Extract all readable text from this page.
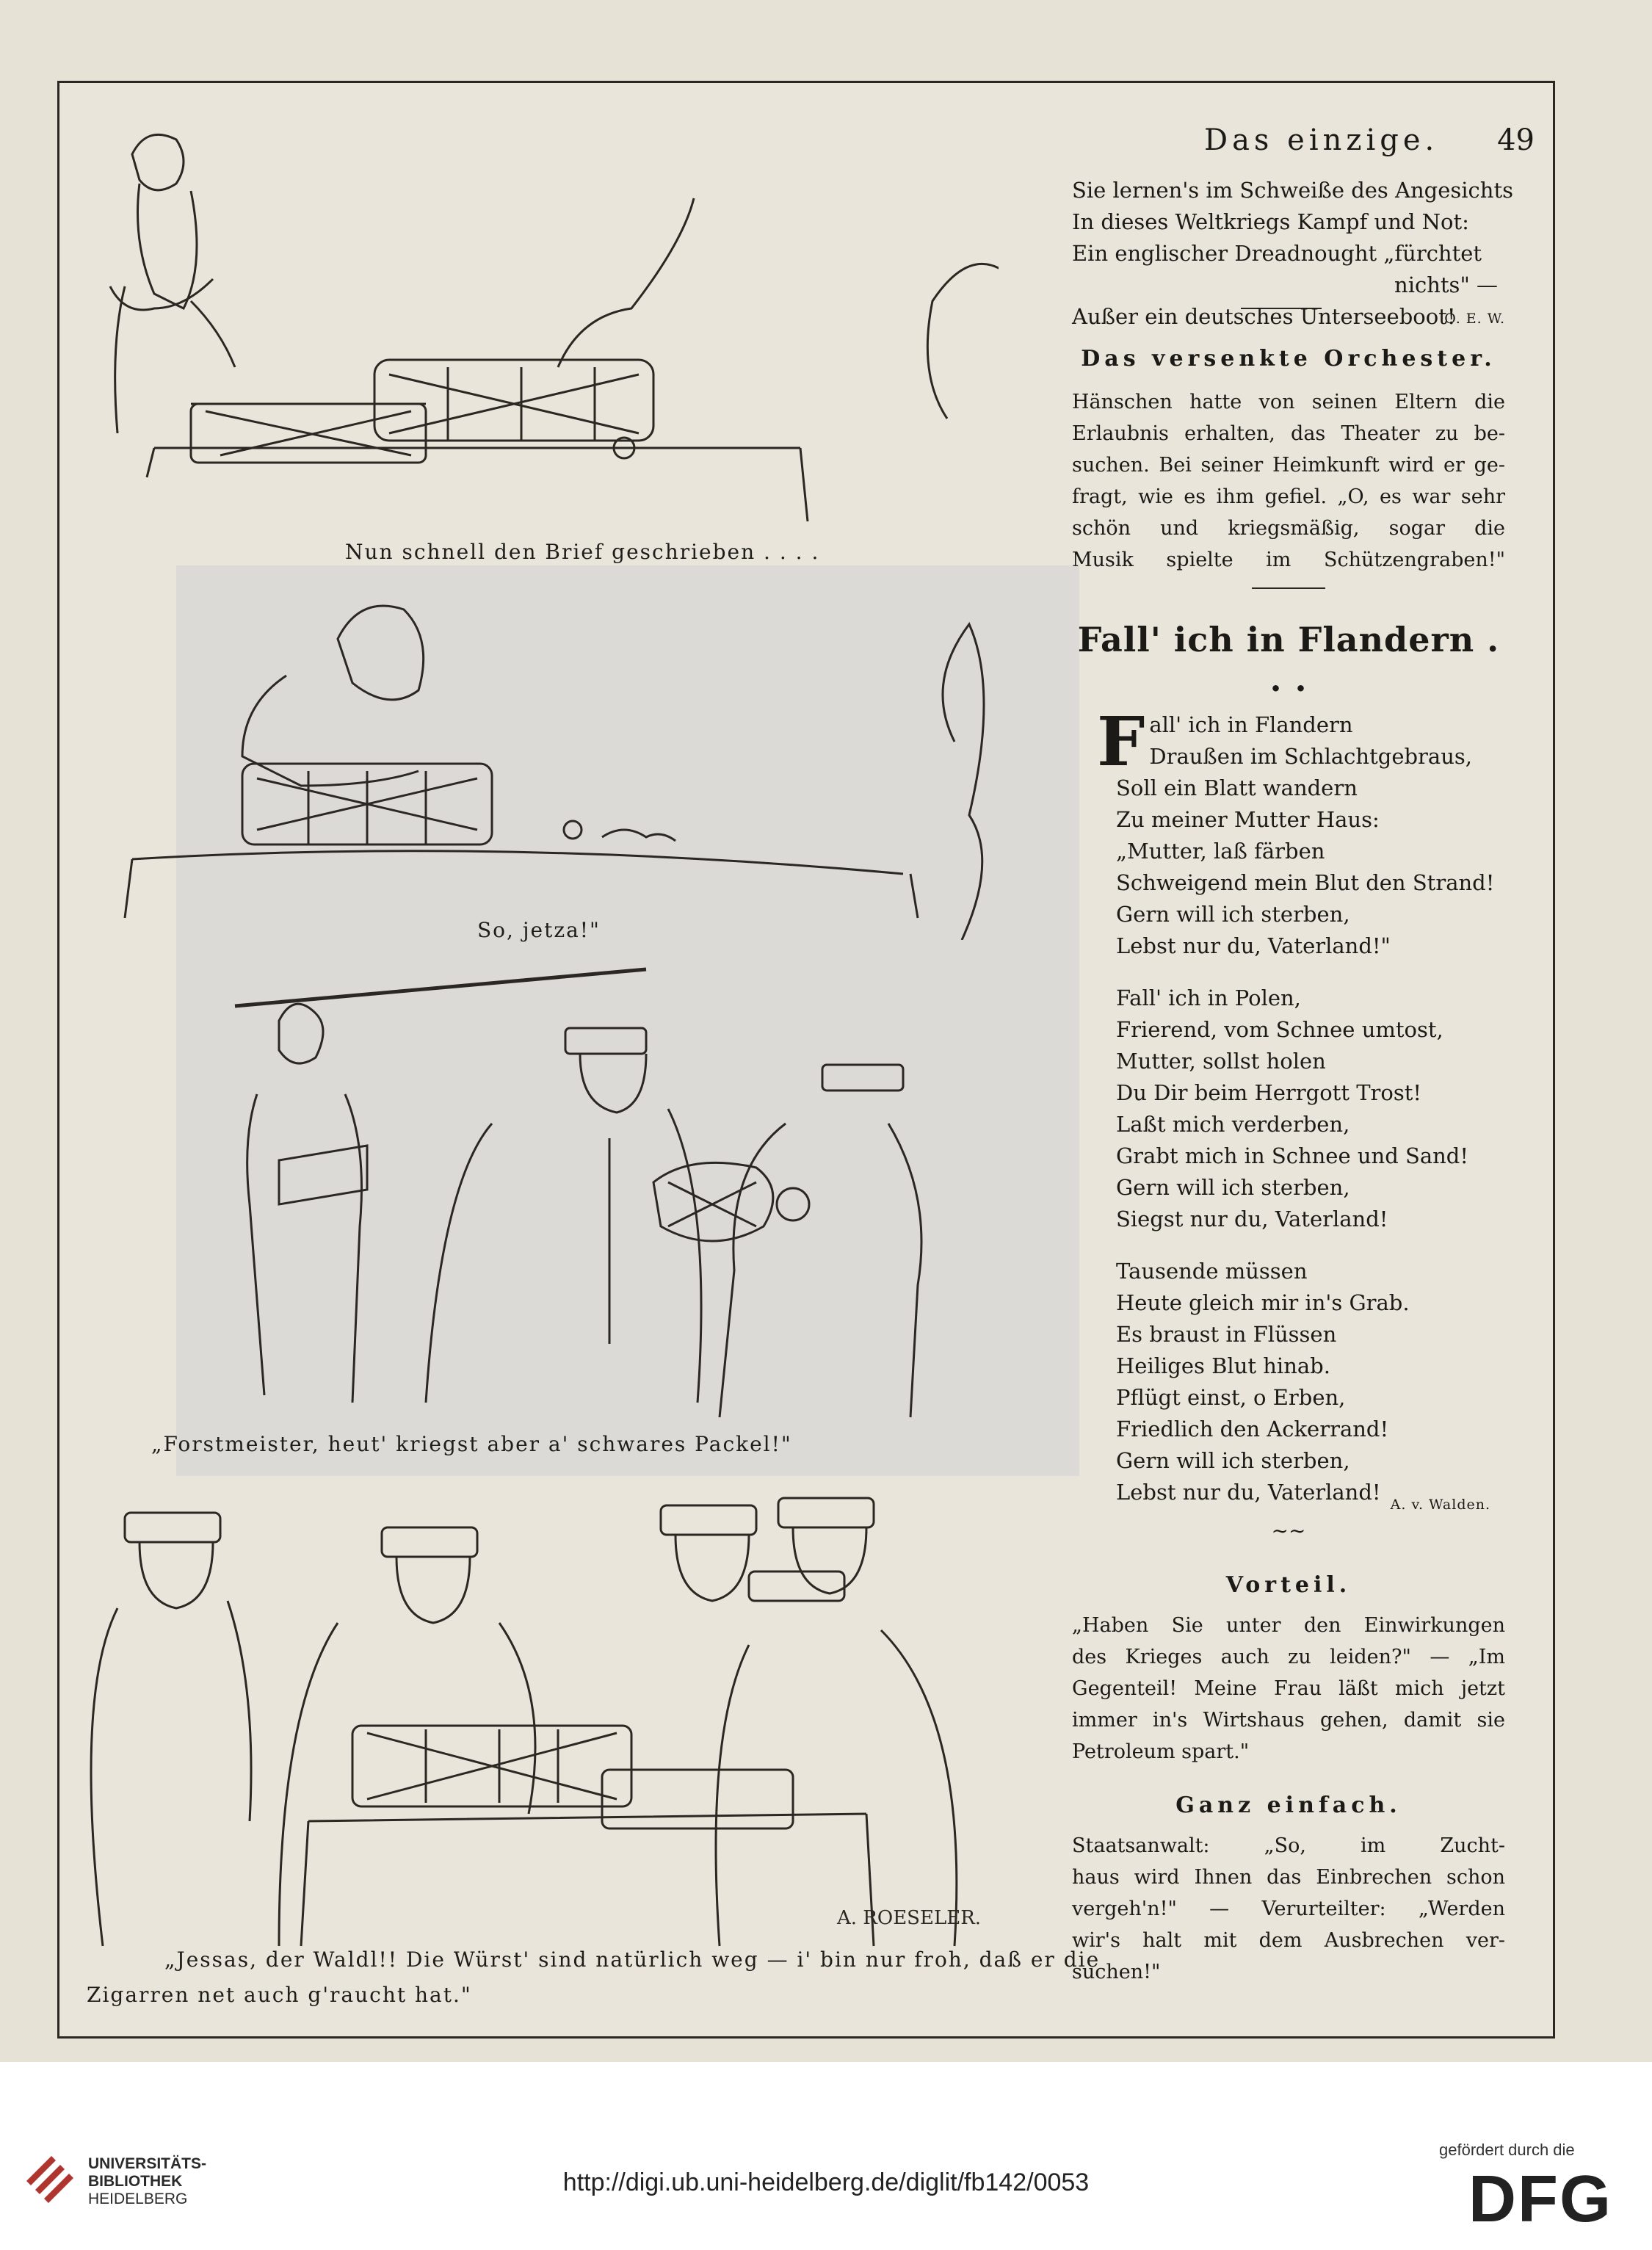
Nun schnell den Brief geschrieben . . . .
So, jetza!"
„Forstmeister, heut' kriegst aber a' schwares Packel!"
A. ROESELER.
„Jessas, der Waldl!! Die Würst' sind natürlich weg — i' bin nur froh, daß er die
Zigarren net auch g'raucht hat."
Das einzige. 49
Sie lernen's im Schweiße des Angesichts
In dieses Weltkriegs Kampf und Not:
Ein englischer Dreadnought „fürchtet
nichts" —
Außer ein deutsches Unterseeboot!
O. E. W.
Das versenkte Orchester.
Hänschen hatte von seinen Eltern die
Erlaubnis erhalten, das Theater zu be-
suchen. Bei seiner Heimkunft wird er ge-
fragt, wie es ihm gefiel. „O, es war sehr
schön und kriegsmäßig, sogar die
Musik spielte im Schützengraben!"
Fall' ich in Flandern . . .
F all' ich in Flandern
Draußen im Schlachtgebraus,
Soll ein Blatt wandern
Zu meiner Mutter Haus:
„Mutter, laß färben
Schweigend mein Blut den Strand!
Gern will ich sterben,
Lebst nur du, Vaterland!"
Fall' ich in Polen,
Frierend, vom Schnee umtost,
Mutter, sollst holen
Du Dir beim Herrgott Trost!
Laßt mich verderben,
Grabt mich in Schnee und Sand!
Gern will ich sterben,
Siegst nur du, Vaterland!
Tausende müssen
Heute gleich mir in's Grab.
Es braust in Flüssen
Heiliges Blut hinab.
Pflügt einst, o Erben,
Friedlich den Ackerrand!
Gern will ich sterben,
Lebst nur du, Vaterland! A. v. Walden.
∼∼
Vorteil.
„Haben Sie unter den Einwirkungen
des Krieges auch zu leiden?" — „Im
Gegenteil! Meine Frau läßt mich jetzt
immer in's Wirtshaus gehen, damit sie
Petroleum spart."
Ganz einfach.
Staatsanwalt: „So, im Zucht-
haus wird Ihnen das Einbrechen schon
vergeh'n!" — Verurteilter: „Werden
wir's halt mit dem Ausbrechen ver-
suchen!"
UNIVERSITÄTS-
BIBLIOTHEK
HEIDELBERG
http://digi.ub.uni-heidelberg.de/diglit/fb142/0053
gefördert durch die
DFG
